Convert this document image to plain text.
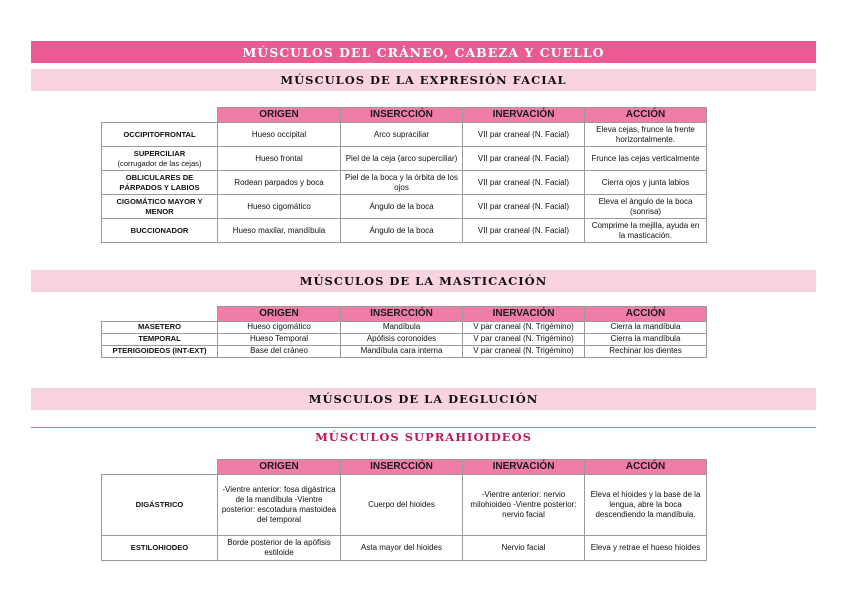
MÚSCULOS DEL CRÁNEO, CABEZA Y CUELLO
MÚSCULOS DE LA EXPRESIÓN FACIAL
	ORIGEN	INSERCCIÓN	INERVACIÓN	ACCIÓN
OCCIPITOFRONTAL	Hueso occipital	Arco supraciliar	VII par craneal (N. Facial)	Eleva cejas, frunce la frente horizontalmente.
SUPERCILIAR
(corrugador de las cejas)	Hueso frontal	Piel de la ceja (arco superciliar)	VII par craneal (N. Facial)	Frunce las cejas verticalmente
OBLICULARES DE PÁRPADOS Y LABIOS	Rodean parpados y boca	Piel de la boca y la órbita de los ojos	VII par craneal (N. Facial)	Cierra ojos y junta labios
CIGOMÁTICO MAYOR Y MENOR	Hueso cigomático	Ángulo de la boca	VII par craneal (N. Facial)	Eleva el ángulo de la boca (sonrisa)
BUCCIONADOR	Hueso maxilar, mandíbula	Ángulo de la boca	VII par craneal (N. Facial)	Comprime la mejilla, ayuda en la masticación.
MÚSCULOS DE LA MASTICACIÓN
	ORIGEN	INSERCCIÓN	INERVACIÓN	ACCIÓN
MASETERO	Hueso cigomático	Mandíbula	V par craneal (N. Trigémino)	Cierra la mandíbula
TEMPORAL	Hueso Temporal	Apófisis coronoides	V par craneal (N. Trigémino)	Cierra la mandíbula
PTERIGOIDEOS (INT-EXT)	Base del cráneo	Mandíbula cara interna	V par craneal (N. Trigémino)	Rechinar los dientes
MÚSCULOS DE LA DEGLUCIÓN
MÚSCULOS SUPRAHIOIDEOS
	ORIGEN	INSERCCIÓN	INERVACIÓN	ACCIÓN
DIGÁSTRICO	-Vientre anterior: fosa digástrica de la mandíbula -Vientre posterior: escotadura mastoidea del temporal	Cuerpo del hioides	-Vientre anterior: nervio milohioideo -Vientre posterior: nervio facial	Eleva el hioides y la base de la lengua, abre la boca descendiendo la mandíbula.
ESTILOHIODEO	Borde posterior de la apófisis estiloide	Asta mayor del hioides	Nervio facial	Eleva y retrae el hueso hioides
